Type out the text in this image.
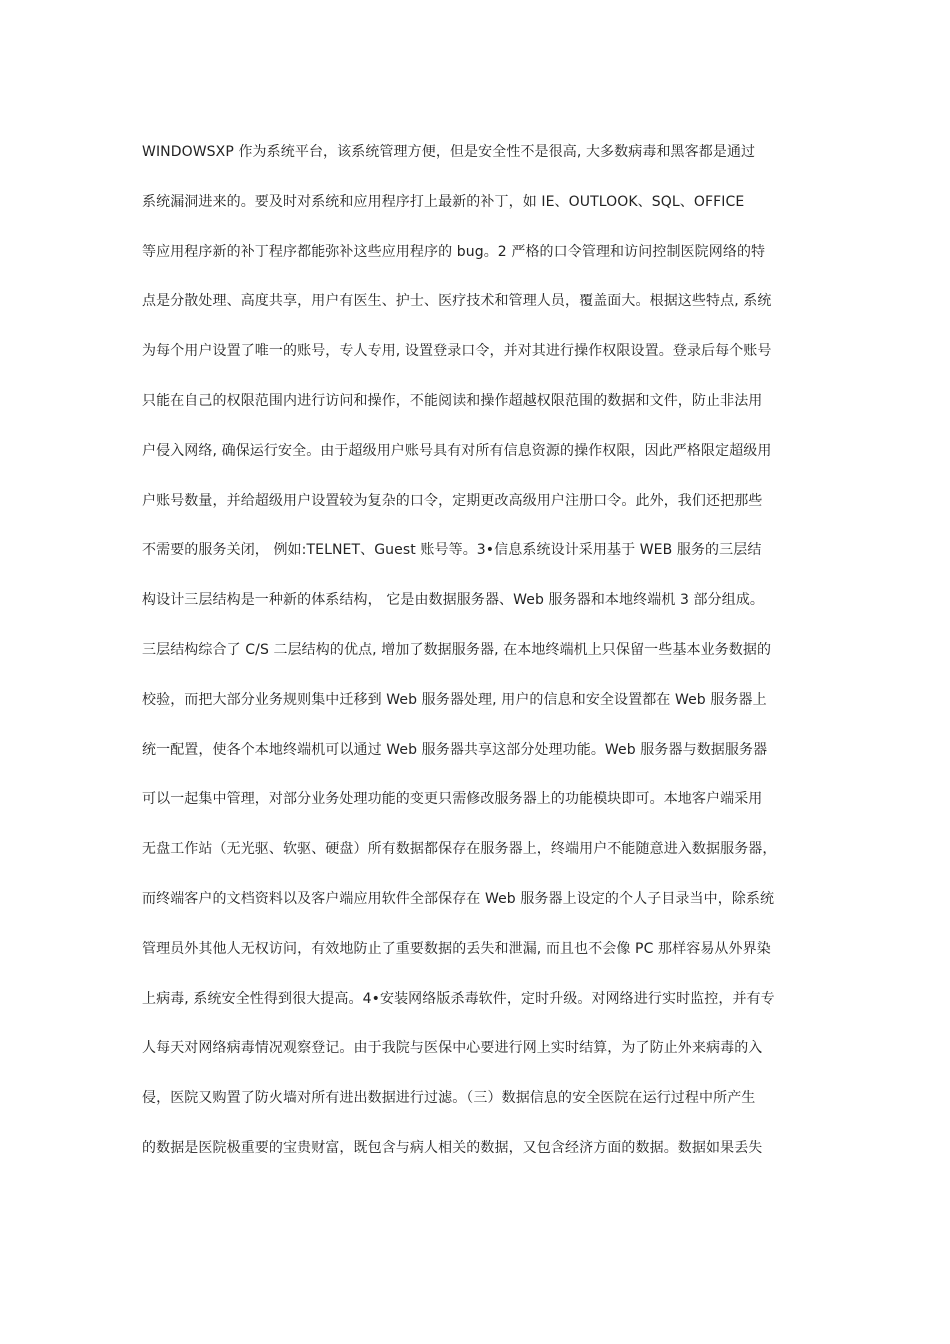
WINDOWSXP 作为系统平台，该系统管理方便，但是安全性不是很高, 大多数病毒和黑客都是通过
系统漏洞进来的。要及时对系统和应用程序打上最新的补丁，如 IE、OUTLOOK、SQL、OFFICE
等应用程序新的补丁程序都能弥补这些应用程序的 bug。2 严格的口令管理和访问控制医院网络的特
点是分散处理、高度共享，用户有医生、护士、医疗技术和管理人员，覆盖面大。根据这些特点, 系统
为每个用户设置了唯一的账号，专人专用, 设置登录口令，并对其进行操作权限设置。登录后每个账号
只能在自己的权限范围内进行访问和操作，不能阅读和操作超越权限范围的数据和文件，防止非法用
户侵入网络, 确保运行安全。由于超级用户账号具有对所有信息资源的操作权限，因此严格限定超级用
户账号数量，并给超级用户设置较为复杂的口令，定期更改高级用户注册口令。此外，我们还把那些
不需要的服务关闭， 例如:TELNET、Guest 账号等。3•信息系统设计采用基于 WEB 服务的三层结
构设计三层结构是一种新的体系结构， 它是由数据服务器、Web 服务器和本地终端机 3 部分组成。
三层结构综合了 C/S 二层结构的优点, 增加了数据服务器, 在本地终端机上只保留一些基本业务数据的
校验，而把大部分业务规则集中迁移到 Web 服务器处理, 用户的信息和安全设置都在 Web 服务器上
统一配置，使各个本地终端机可以通过 Web 服务器共享这部分处理功能。Web 服务器与数据服务器
可以一起集中管理，对部分业务处理功能的变更只需修改服务器上的功能模块即可。本地客户端采用
无盘工作站（无光驱、软驱、硬盘）所有数据都保存在服务器上，终端用户不能随意进入数据服务器，
而终端客户的文档资料以及客户端应用软件全部保存在 Web 服务器上设定的个人子目录当中，除系统
管理员外其他人无权访问，有效地防止了重要数据的丢失和泄漏, 而且也不会像 PC 那样容易从外界染
上病毒, 系统安全性得到很大提高。4•安装网络版杀毒软件，定时升级。对网络进行实时监控，并有专
人每天对网络病毒情况观察登记。由于我院与医保中心要进行网上实时结算，为了防止外来病毒的入
侵，医院又购置了防火墙对所有进出数据进行过滤。（三）数据信息的安全医院在运行过程中所产生
的数据是医院极重要的宝贵财富，既包含与病人相关的数据，又包含经济方面的数据。数据如果丢失
